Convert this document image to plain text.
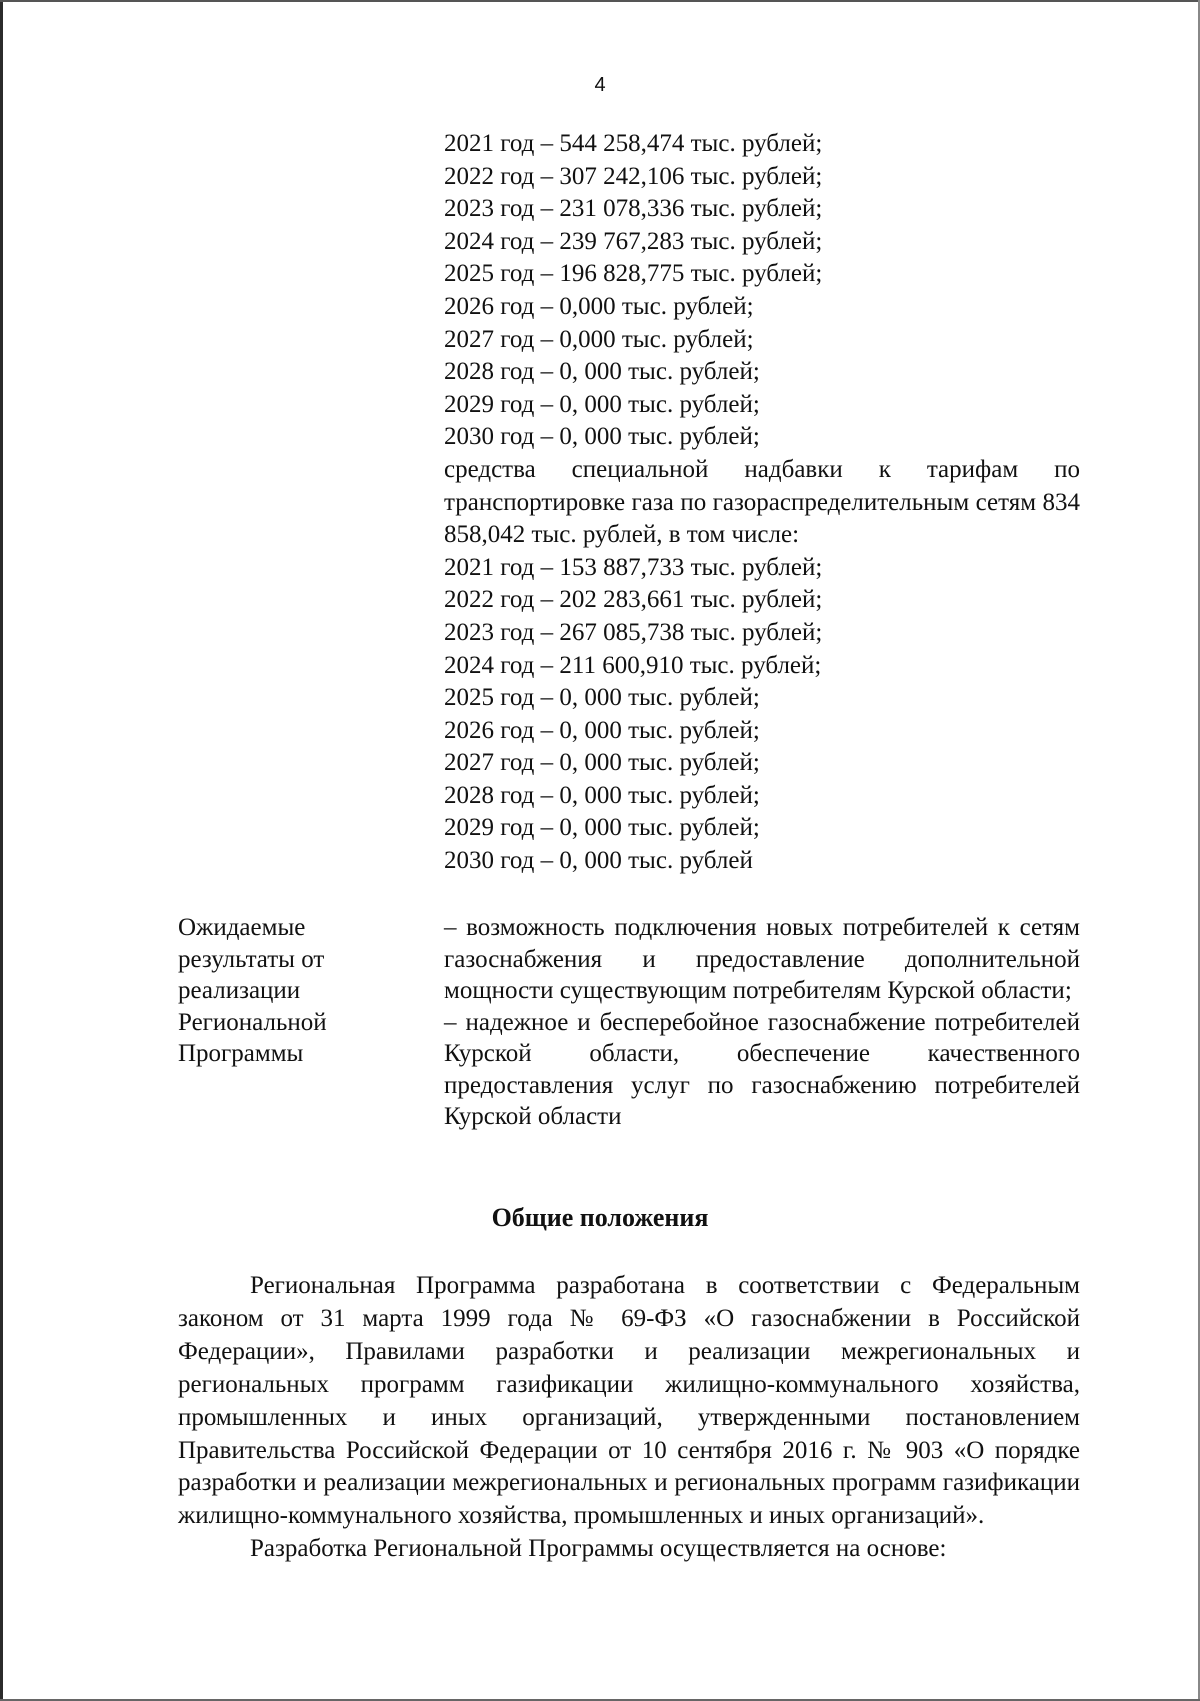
4
2021 год – 544 258,474 тыс. рублей;
2022 год – 307 242,106 тыс. рублей;
2023 год – 231 078,336 тыс. рублей;
2024 год – 239 767,283 тыс. рублей;
2025 год – 196 828,775 тыс. рублей;
2026 год – 0,000 тыс. рублей;
2027 год – 0,000 тыс. рублей;
2028 год – 0, 000 тыс. рублей;
2029 год – 0, 000 тыс. рублей;
2030 год – 0, 000 тыс. рублей;
средства специальной надбавки к тарифам по транспортировке газа по газораспределительным сетям 834 858,042 тыс. рублей, в том числе:
2021 год – 153 887,733 тыс. рублей;
2022 год – 202 283,661 тыс. рублей;
2023 год – 267 085,738 тыс. рублей;
2024 год – 211 600,910 тыс. рублей;
2025 год – 0, 000 тыс. рублей;
2026 год – 0, 000 тыс. рублей;
2027 год – 0, 000 тыс. рублей;
2028 год – 0, 000 тыс. рублей;
2029 год – 0, 000 тыс. рублей;
2030 год – 0, 000 тыс. рублей
Ожидаемые
результаты от
реализации
Региональной
Программы
– возможность подключения новых потребителей к сетям газоснабжения и предоставление дополнительной мощности существующим потребителям Курской области;
– надежное и бесперебойное газоснабжение потребителей Курской области, обеспечение качественного предоставления услуг по газоснабжению потребителей Курской области
Общие положения

Региональная Программа разработана в соответствии с Федеральным законом от 31 марта 1999 года № 69-ФЗ «О газоснабжении в Российской Федерации», Правилами разработки и реализации межрегиональных и региональных программ газификации жилищно-коммунального хозяйства, промышленных и иных организаций, утвержденными постановлением Правительства Российской Федерации от 10 сентября 2016 г. № 903 «О порядке разработки и реализации межрегиональных и региональных программ газификации жилищно-коммунального хозяйства, промышленных и иных организаций».

Разработка Региональной Программы осуществляется на основе:
